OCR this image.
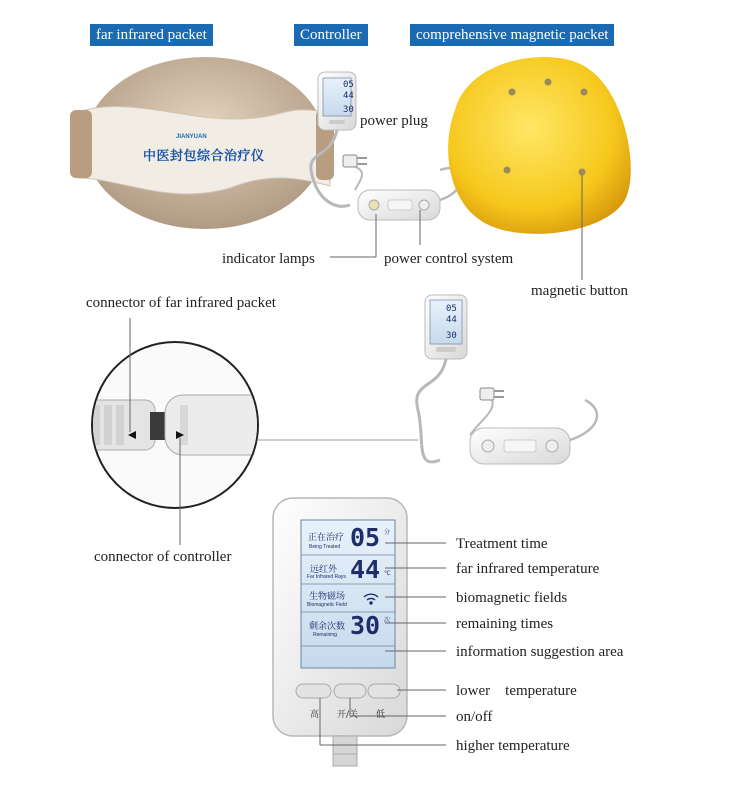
05
44
30
05
44
30
JIANYUAN
中医封包综合治疗仪
far infrared packet	Controller	comprehensive magnetic packet
power plug
indicator lamps	power control system
magnetic button
connector of far infrared packet
connector of controller
正在治疗
Being Treated 05 分
远红外
Far Infrared Rays 44 ℃
生物磁场
Biomagnetic Field
剩余次数
Remaining 30 次
高 开/关 低
Treatment time
far infrared temperature
biomagnetic fields
remaining times
information suggestion area
lower    temperature
on/off
higher temperature
